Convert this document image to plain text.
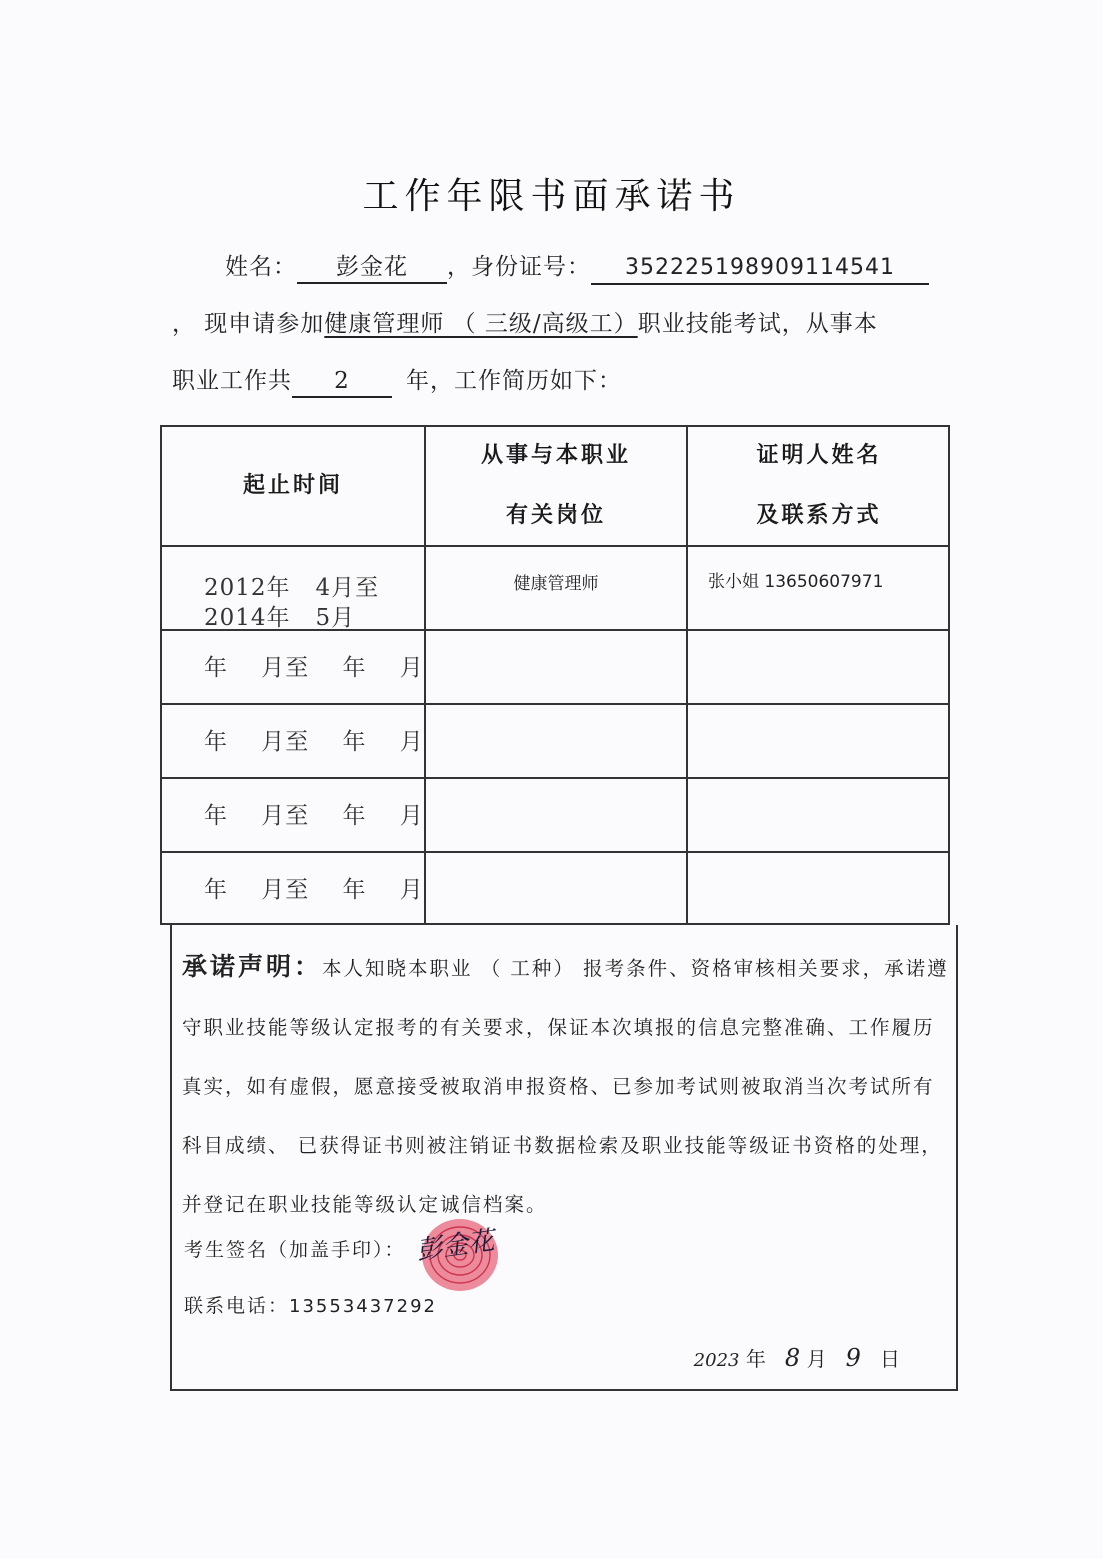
工作年限书面承诺书
姓名： 彭金花 ，身份证号： 352225198909114541
， 现申请参加健康管理师 （ 三级/高级工）职业技能考试，从事本
职业工作共 2 年，工作简历如下：
起止时间
从事与本职业
有关岗位
证明人姓名
及联系方式
2012年   4月至
2014年   5月
健康管理师	张小姐 13650607971
年    月至    年    月
年    月至    年    月
年    月至    年    月
年    月至    年    月
承诺声明：本人知晓本职业 （ 工种） 报考条件、资格审核相关要求，承诺遵守职业技能等级认定报考的有关要求，保证本次填报的信息完整准确、工作履历真实，如有虚假，愿意接受被取消申报资格、已参加考试则被取消当次考试所有科目成绩、 已获得证书则被注销证书数据检索及职业技能等级证书资格的处理，并登记在职业技能等级认定诚信档案。
考生签名（加盖手印）： 彭金花
联系电话：13553437292
2023 年 8 月 9 日
